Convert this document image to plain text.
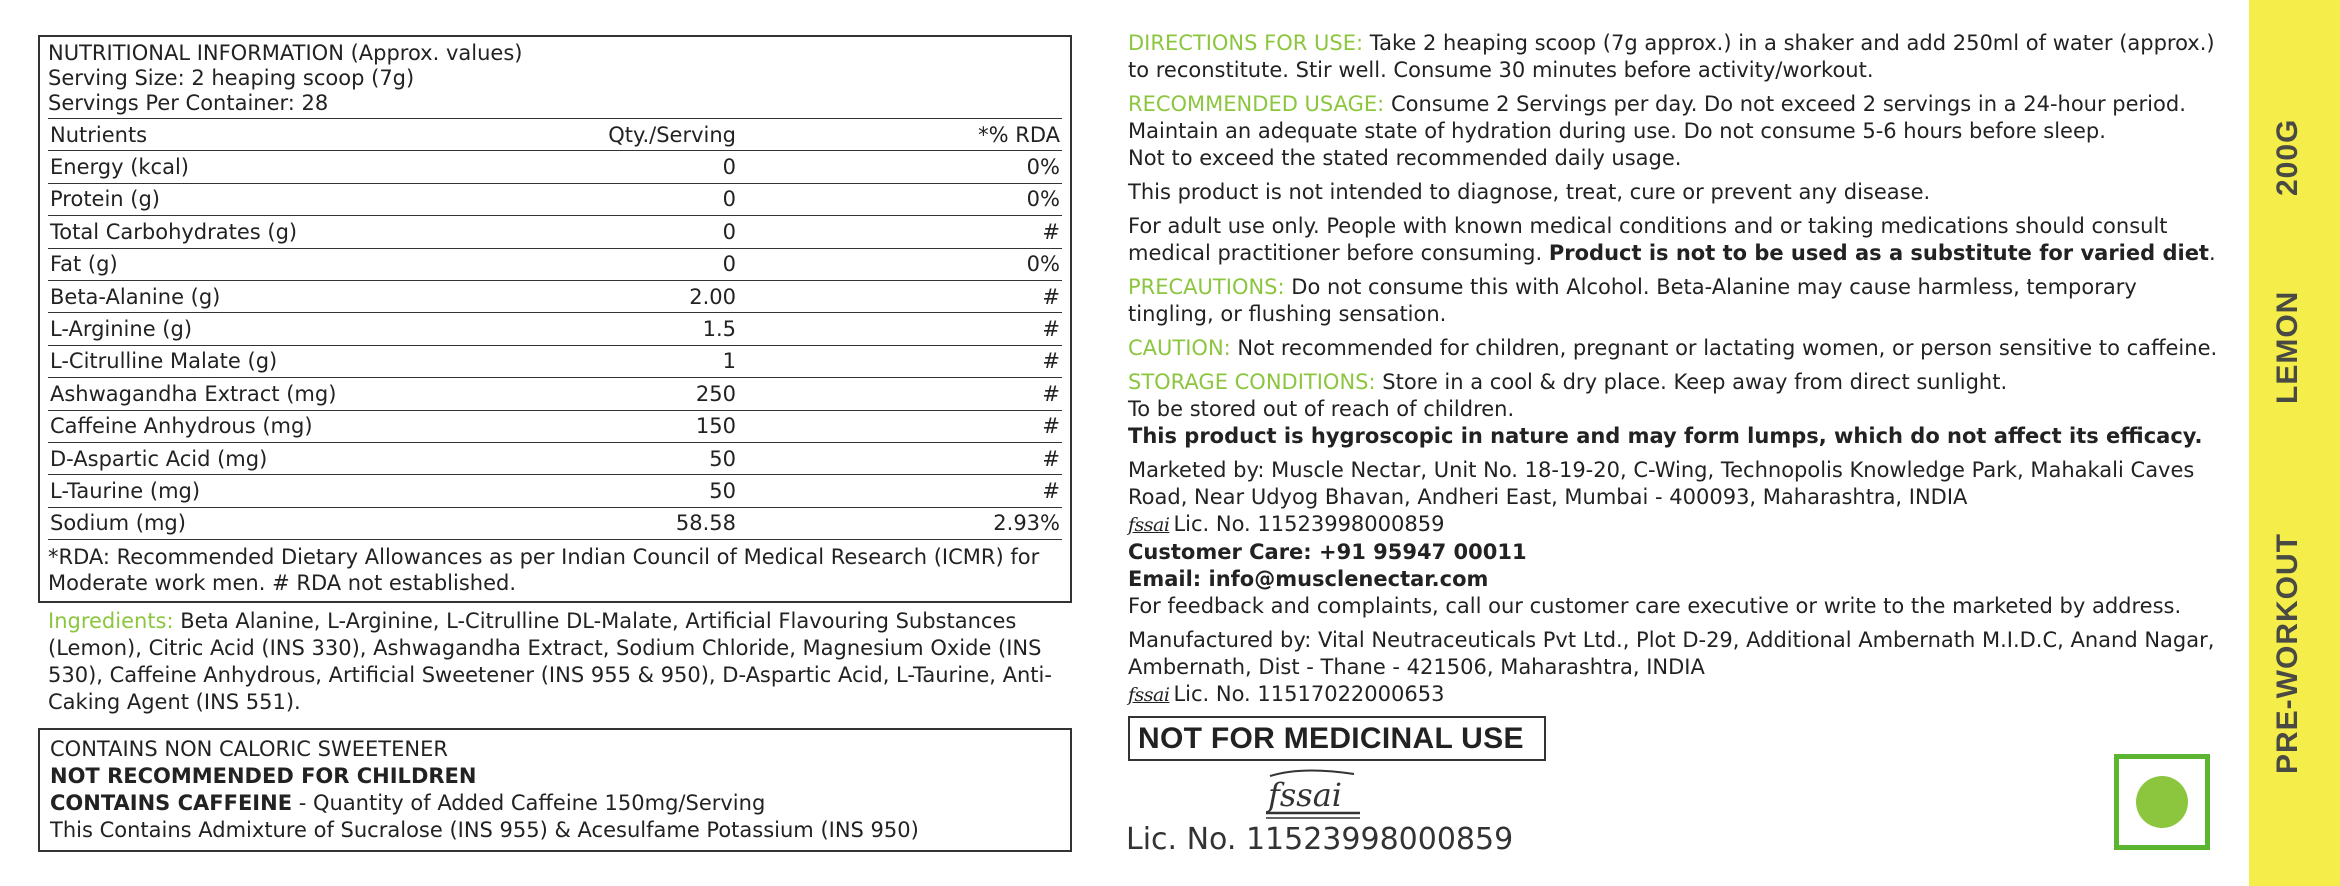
NUTRITIONAL INFORMATION (Approx. values)
Serving Size: 2 heaping scoop (7g)
Servings Per Container: 28
Nutrients	Qty./Serving	*% RDA
Energy (kcal)	0	0%
Protein (g)	0	0%
Total Carbohydrates (g)	0	#
Fat (g)	0	0%
Beta-Alanine (g)	2.00	#
L-Arginine (g)	1.5	#
L-Citrulline Malate (g)	1	#
Ashwagandha Extract (mg)	250	#
Caffeine Anhydrous (mg)	150	#
D-Aspartic Acid (mg)	50	#
L-Taurine (mg)	50	#
Sodium (mg)	58.58	2.93%
*RDA: Recommended Dietary Allowances as per Indian Council of Medical Research (ICMR) for Moderate work men. # RDA not established.
Ingredients: Beta Alanine, L-Arginine, L-Citrulline DL-Malate, Artificial Flavouring Substances (Lemon), Citric Acid (INS 330), Ashwagandha Extract, Sodium Chloride, Magnesium Oxide (INS 530), Caffeine Anhydrous, Artificial Sweetener (INS 955 & 950), D-Aspartic Acid, L-Taurine, Anti-Caking Agent (INS 551).
CONTAINS NON CALORIC SWEETENER
NOT RECOMMENDED FOR CHILDREN
CONTAINS CAFFEINE - Quantity of Added Caffeine 150mg/Serving
This Contains Admixture of Sucralose (INS 955) & Acesulfame Potassium (INS 950)

DIRECTIONS FOR USE: Take 2 heaping scoop (7g approx.) in a shaker and add 250ml of water (approx.) to reconstitute. Stir well. Consume 30 minutes before activity/workout.

RECOMMENDED USAGE: Consume 2 Servings per day. Do not exceed 2 servings in a 24-hour period. Maintain an adequate state of hydration during use. Do not consume 5-6 hours before sleep.
Not to exceed the stated recommended daily usage.

This product is not intended to diagnose, treat, cure or prevent any disease.

For adult use only. People with known medical conditions and or taking medications should consult medical practitioner before consuming. Product is not to be used as a substitute for varied diet.

PRECAUTIONS: Do not consume this with Alcohol. Beta-Alanine may cause harmless, temporary tingling, or flushing sensation.

CAUTION: Not recommended for children, pregnant or lactating women, or person sensitive to caffeine.

STORAGE CONDITIONS: Store in a cool & dry place. Keep away from direct sunlight.
To be stored out of reach of children.
This product is hygroscopic in nature and may form lumps, which do not affect its efficacy.

Marketed by: Muscle Nectar, Unit No. 18-19-20, C-Wing, Technopolis Knowledge Park, Mahakali Caves Road, Near Udyog Bhavan, Andheri East, Mumbai - 400093, Maharashtra, INDIA
fssai Lic. No. 11523998000859
Customer Care: +91 95947 00011
Email: info@musclenectar.com
For feedback and complaints, call our customer care executive or write to the marketed by address.

Manufactured by: Vital Neutraceuticals Pvt Ltd., Plot D-29, Additional Ambernath M.I.D.C, Anand Nagar, Ambernath, Dist - Thane - 421506, Maharashtra, INDIA
fssai Lic. No. 11517022000653

NOT FOR MEDICINAL USE
fssai
Lic. No. 11523998000859
200G
LEMON
PRE-WORKOUT
